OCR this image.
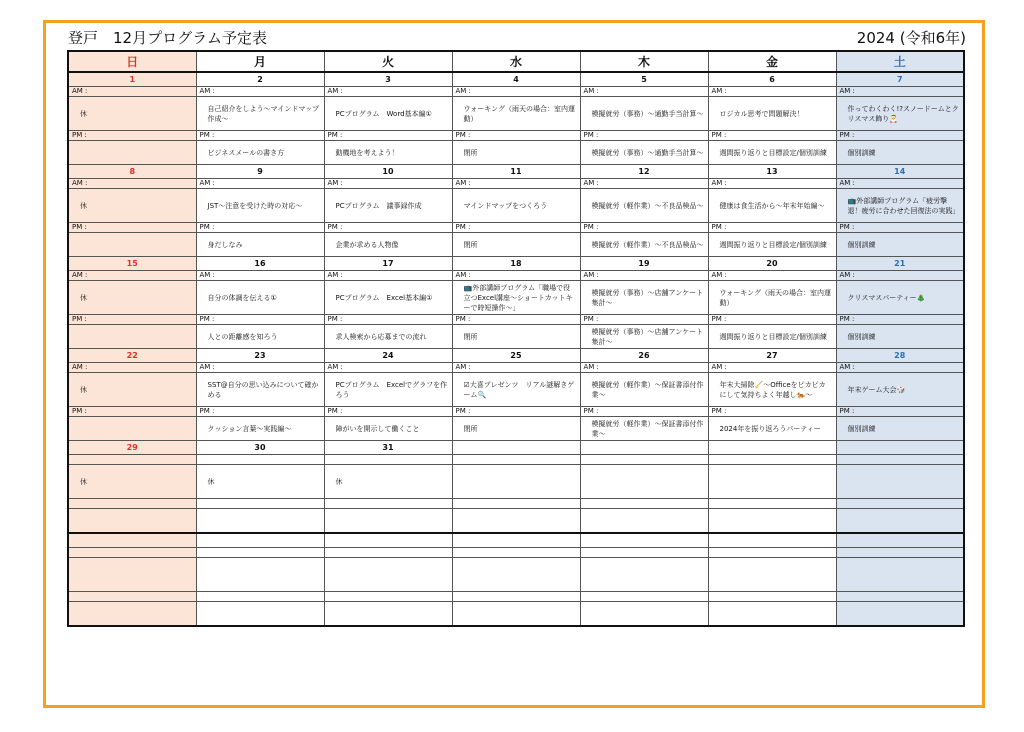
登戸　12月プログラム予定表	2024 (令和6年)
日	月	火	水	木	金	土
1	2	3	4	5	6	7
AM :	AM :	AM :	AM :	AM :	AM :	AM :

休	自己紹介をしよう～マインドマップ作成～	PCプログラム　Word基本編①	ウォーキング（雨天の場合：室内運動）	模擬就労（事務）～通勤手当計算～	ロジカル思考で問題解決！	作ってわくわく!?スノードームとクリスマス飾り🎅

PM :	PM :	PM :	PM :	PM :	PM :	PM :

	ビジネスメールの書き方	動機地を考えよう！	閉所	模擬就労（事務）～通勤手当計算～	週間振り返りと目標設定/個別訓練	個別訓練

8	9	10	11	12	13	14
AM :	AM :	AM :	AM :	AM :	AM :	AM :

休	JST～注意を受けた時の対応～	PCプログラム　議事録作成	マインドマップをつくろう	模擬就労（軽作業）～不良品検品～	健康は食生活から～年末年始編～	📺外部講師プログラム「疲労撃退！疲労に合わせた回復法の実践」

PM :	PM :	PM :	PM :	PM :	PM :	PM :

	身だしなみ	企業が求める人物像	閉所	模擬就労（軽作業）～不良品検品～	週間振り返りと目標設定/個別訓練	個別訓練

15	16	17	18	19	20	21
AM :	AM :	AM :	AM :	AM :	AM :	AM :

休	自分の体調を伝える①	PCプログラム　Excel基本編①	📺外部講師プログラム「職場で役立つExcel講座～ショートカットキーで時短操作～」	模擬就労（事務）～店舗アンケート集計～	ウォーキング（雨天の場合：室内運動）	クリスマスパーティー🎄

PM :	PM :	PM :	PM :	PM :	PM :	PM :

	人との距離感を知ろう	求人検索から応募までの流れ	閉所	模擬就労（事務）～店舗アンケート集計～	週間振り返りと目標設定/個別訓練	個別訓練

22	23	24	25	26	27	28
AM :	AM :	AM :	AM :	AM :	AM :	AM :

休	SST@自分の思い込みについて確かめる	PCプログラム　Excelでグラフを作ろう	☑大喜プレゼンツ　リアル謎解きゲーム🔍	模擬就労（軽作業）～保証書添付作業～	年末大掃除🧹～Officeをピカピカにして気持ちよく年越し🐅～	年末ゲーム大会🎲

PM :	PM :	PM :	PM :	PM :	PM :	PM :

	クッション言葉～実践編～	障がいを開示して働くこと	閉所	模擬就労（軽作業）～保証書添付作業～	2024年を振り返ろうパーティー	個別訓練

29	30	31				

休	休	休				
